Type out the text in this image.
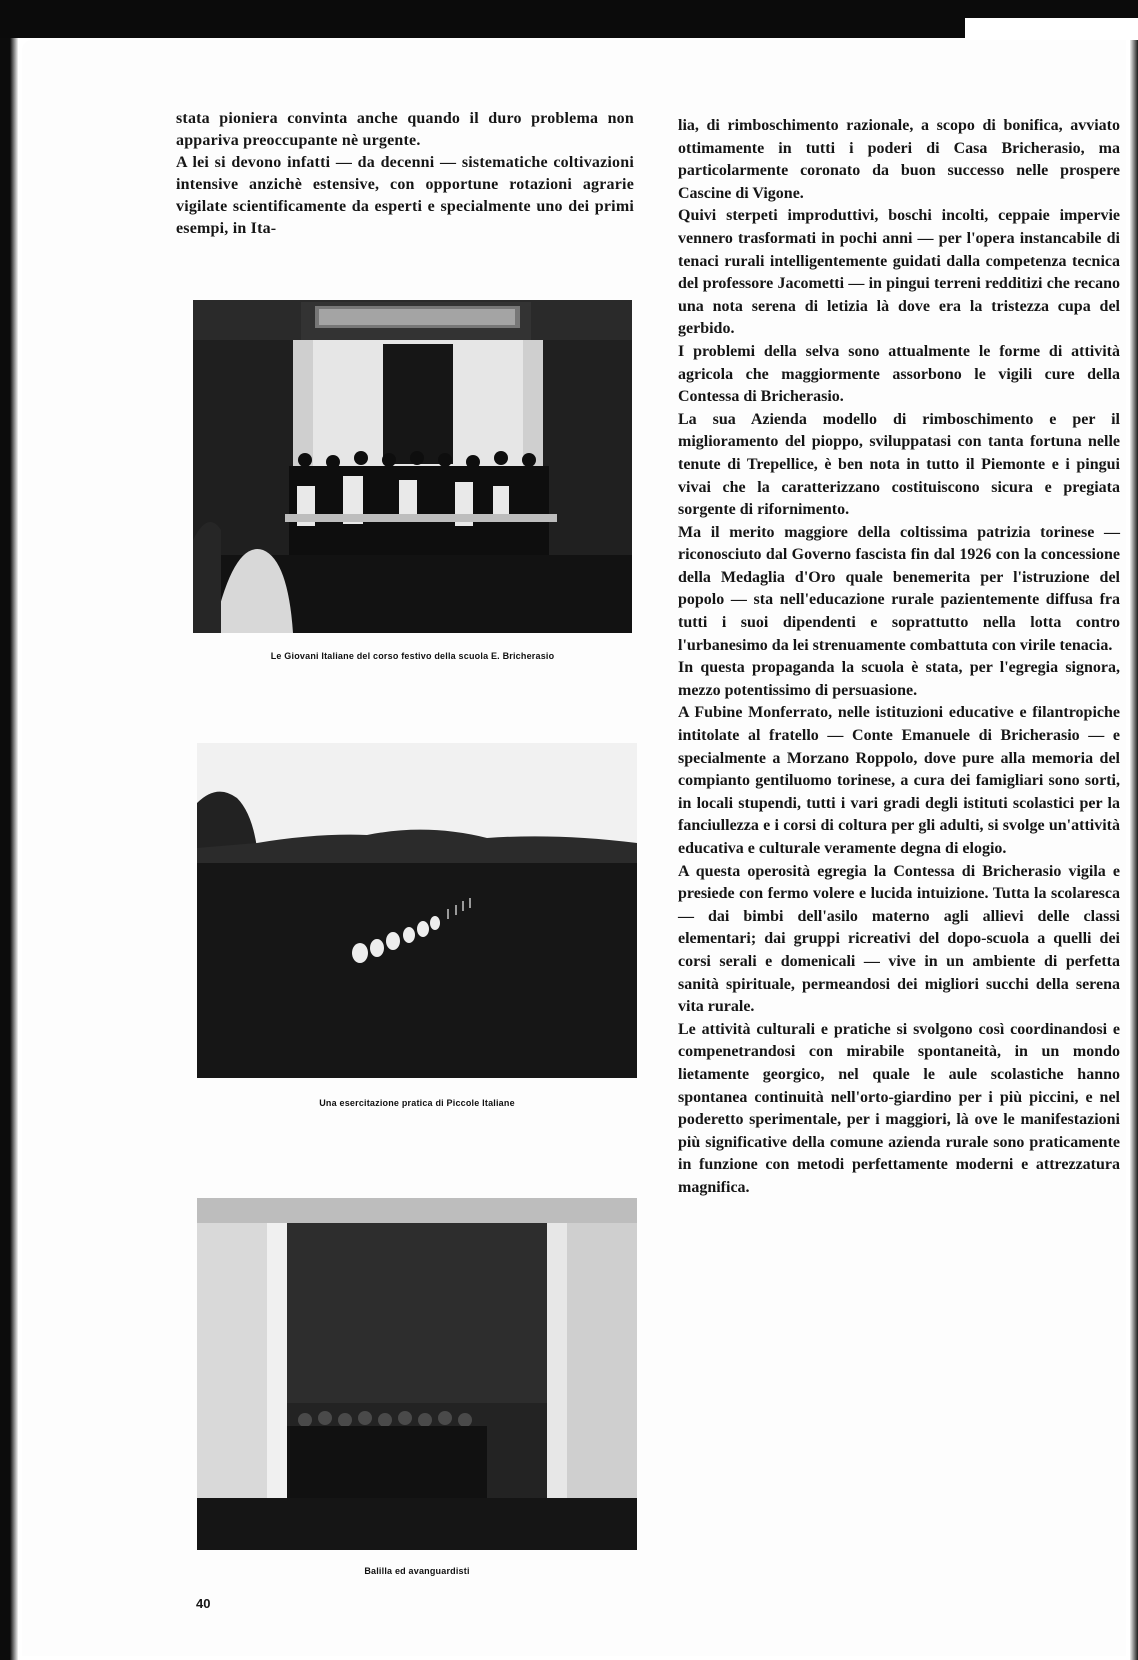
stata pioniera convinta anche quando il duro problema non appariva preoccupante nè urgente.

A lei si devono infatti — da decenni — sistematiche coltivazioni intensive anzichè estensive, con opportune rotazioni agrarie vigilate scientificamente da esperti e specialmente uno dei primi esempi, in Ita-

Le Giovani Italiane del corso festivo della scuola E. Bricherasio
Una esercitazione pratica di Piccole Italiane
Balilla ed avanguardisti

lia, di rimboschimento razionale, a scopo di bonifica, avviato ottimamente in tutti i poderi di Casa Bricherasio, ma particolarmente coronato da buon successo nelle prospere Cascine di Vigone.

Quivi sterpeti improduttivi, boschi incolti, ceppaie impervie vennero trasformati in pochi anni — per l'opera instancabile di tenaci rurali intelligentemente guidati dalla competenza tecnica del professore Jacometti — in pingui terreni redditizi che recano una nota serena di letizia là dove era la tristezza cupa del gerbido.

I problemi della selva sono attualmente le forme di attività agricola che maggiormente assorbono le vigili cure della Contessa di Bricherasio.

La sua Azienda modello di rimboschimento e per il miglioramento del pioppo, sviluppatasi con tanta fortuna nelle tenute di Trepellice, è ben nota in tutto il Piemonte e i pingui vivai che la caratterizzano costituiscono sicura e pregiata sorgente di rifornimento.

Ma il merito maggiore della coltissima patrizia torinese — riconosciuto dal Governo fascista fin dal 1926 con la concessione della Medaglia d'Oro quale benemerita per l'istruzione del popolo — sta nell'educazione rurale pazientemente diffusa fra tutti i suoi dipendenti e soprattutto nella lotta contro l'urbanesimo da lei strenuamente combattuta con virile tenacia.

In questa propaganda la scuola è stata, per l'egregia signora, mezzo potentissimo di persuasione.

A Fubine Monferrato, nelle istituzioni educative e filantropiche intitolate al fratello — Conte Emanuele di Bricherasio — e specialmente a Morzano Roppolo, dove pure alla memoria del compianto gentiluomo torinese, a cura dei famigliari sono sorti, in locali stupendi, tutti i vari gradi degli istituti scolastici per la fanciullezza e i corsi di coltura per gli adulti, si svolge un'attività educativa e culturale veramente degna di elogio.

A questa operosità egregia la Contessa di Bricherasio vigila e presiede con fermo volere e lucida intuizione. Tutta la scolaresca — dai bimbi dell'asilo materno agli allievi delle classi elementari; dai gruppi ricreativi del dopo-scuola a quelli dei corsi serali e domenicali — vive in un ambiente di perfetta sanità spirituale, permeandosi dei migliori succhi della serena vita rurale.

Le attività culturali e pratiche si svolgono così coordinandosi e compenetrandosi con mirabile spontaneità, in un mondo lietamente georgico, nel quale le aule scolastiche hanno spontanea continuità nell'orto-giardino per i più piccini, e nel poderetto sperimentale, per i maggiori, là ove le manifestazioni più significative della comune azienda rurale sono praticamente in funzione con metodi perfettamente moderni e attrezzatura magnifica.

40
